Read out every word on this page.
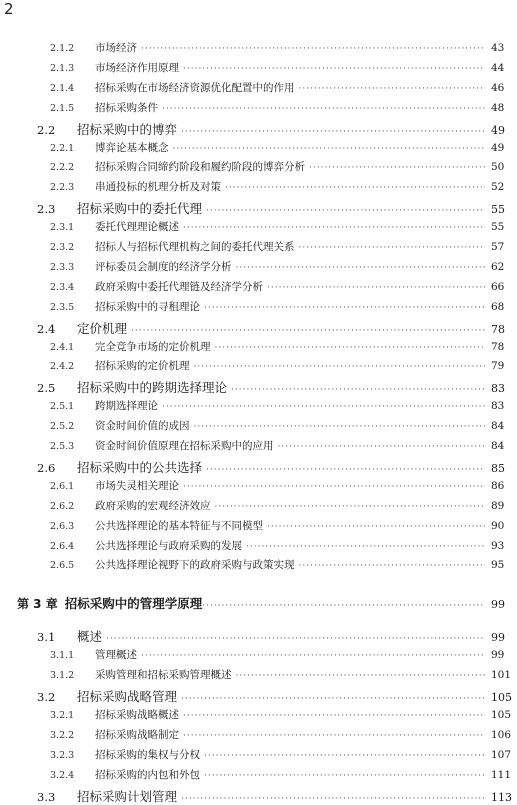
2
2.1.2	市场经济 ·····	43
2.1.3	市场经济作用原理 ·····	44
2.1.4	招标采购在市场经济资源优化配置中的作用 ·····	46
2.1.5	招标采购条件 ·····	48
2.2	招标采购中的博弈 ·····	49
2.2.1	博弈论基本概念 ·····	49
2.2.2	招标采购合同缔约阶段和履约阶段的博弈分析 ·····	50
2.2.3	串通投标的机理分析及对策 ·····	52
2.3	招标采购中的委托代理 ·····	55
2.3.1	委托代理理论概述 ·····	55
2.3.2	招标人与招标代理机构之间的委托代理关系 ·····	57
2.3.3	评标委员会制度的经济学分析 ·····	62
2.3.4	政府采购中委托代理链及经济学分析 ·····	66
2.3.5	招标采购中的寻租理论 ·····	68
2.4	定价机理 ·····	78
2.4.1	完全竞争市场的定价机理 ·····	78
2.4.2	招标采购的定价机理 ·····	79
2.5	招标采购中的跨期选择理论 ·····	83
2.5.1	跨期选择理论 ·····	83
2.5.2	资金时间价值的成因 ·····	84
2.5.3	资金时间价值原理在招标采购中的应用 ·····	84
2.6	招标采购中的公共选择 ·····	85
2.6.1	市场失灵相关理论 ·····	86
2.6.2	政府采购的宏观经济效应 ·····	89
2.6.3	公共选择理论的基本特征与不同模型 ·····	90
2.6.4	公共选择理论与政府采购的发展 ·····	93
2.6.5	公共选择理论视野下的政府采购与政策实现 ·····	95
第 3 章 招标采购中的管理学原理 ·····	99
3.1	概述 ·····	99
3.1.1	管理概述 ·····	99
3.1.2	采购管理和招标采购管理概述 ·····	101
3.2	招标采购战略管理 ·····	105
3.2.1	招标采购战略概述 ·····	105
3.2.2	招标采购战略制定 ·····	106
3.2.3	招标采购的集权与分权 ·····	107
3.2.4	招标采购的内包和外包 ·····	111
3.3	招标采购计划管理 ·····	113
